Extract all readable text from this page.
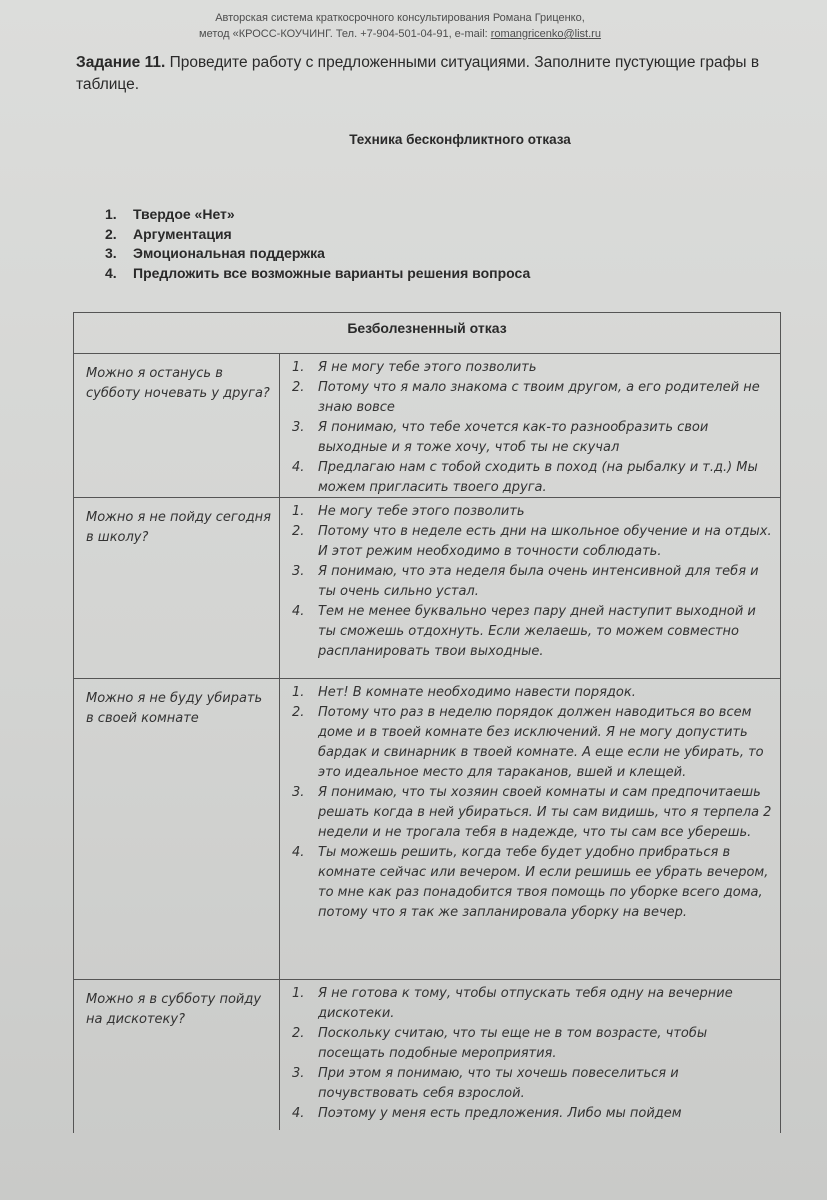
Авторская система краткосрочного консультирования Романа Гриценко,
метод «КРОСС-КОУЧИНГ. Тел. +7-904-501-04-91, e-mail: romangricenko@list.ru
Задание 11. Проведите работу с предложенными ситуациями. Заполните пустующие графы в таблице.
Техника бесконфликтного отказа
1. Твердое «Нет»
2. Аргументация
3. Эмоциональная поддержка
4. Предложить все возможные варианты решения вопроса
Безболезненный отказ
Можно я останусь в субботу ночевать у друга?
1.	Я не могу тебе этого позволить
2.	Потому что я мало знакома с твоим другом, а его родителей не знаю вовсе
3.	Я понимаю, что тебе хочется как-то разнообразить свои выходные и я тоже хочу, чтоб ты не скучал
4.	Предлагаю нам с тобой сходить в поход (на рыбалку и т.д.) Мы можем пригласить твоего друга.
Можно я не пойду сегодня в школу?
1.	Не могу тебе этого позволить
2.	Потому что в неделе есть дни на школьное обучение и на отдых. И этот режим необходимо в точности соблюдать.
3.	Я понимаю, что эта неделя была очень интенсивной для тебя и ты очень сильно устал.
4.	Тем не менее буквально через пару дней наступит выходной и ты сможешь отдохнуть. Если желаешь, то можем совместно распланировать твои выходные.
Можно я не буду убирать в своей комнате
1.	Нет! В комнате необходимо навести порядок.
2.	Потому что раз в неделю порядок должен наводиться во всем доме и в твоей комнате без исключений. Я не могу допустить бардак и свинарник в твоей комнате. А еще если не убирать, то это идеальное место для тараканов, вшей и клещей.
3.	Я понимаю, что ты хозяин своей комнаты и сам предпочитаешь решать когда в ней убираться. И ты сам видишь, что я терпела 2 недели и не трогала тебя в надежде, что ты сам все уберешь.
4.	Ты можешь решить, когда тебе будет удобно прибраться в комнате сейчас или вечером. И если решишь ее убрать вечером, то мне как раз понадобится твоя помощь по уборке всего дома, потому что я так же запланировала уборку на вечер.
Можно я в субботу пойду на дискотеку?
1.	Я не готова к тому, чтобы отпускать тебя одну на вечерние дискотеки.
2.	Поскольку считаю, что ты еще не в том возрасте, чтобы посещать подобные мероприятия.
3.	При этом я понимаю, что ты хочешь повеселиться и почувствовать себя взрослой.
4.	Поэтому у меня есть предложения. Либо мы пойдем
